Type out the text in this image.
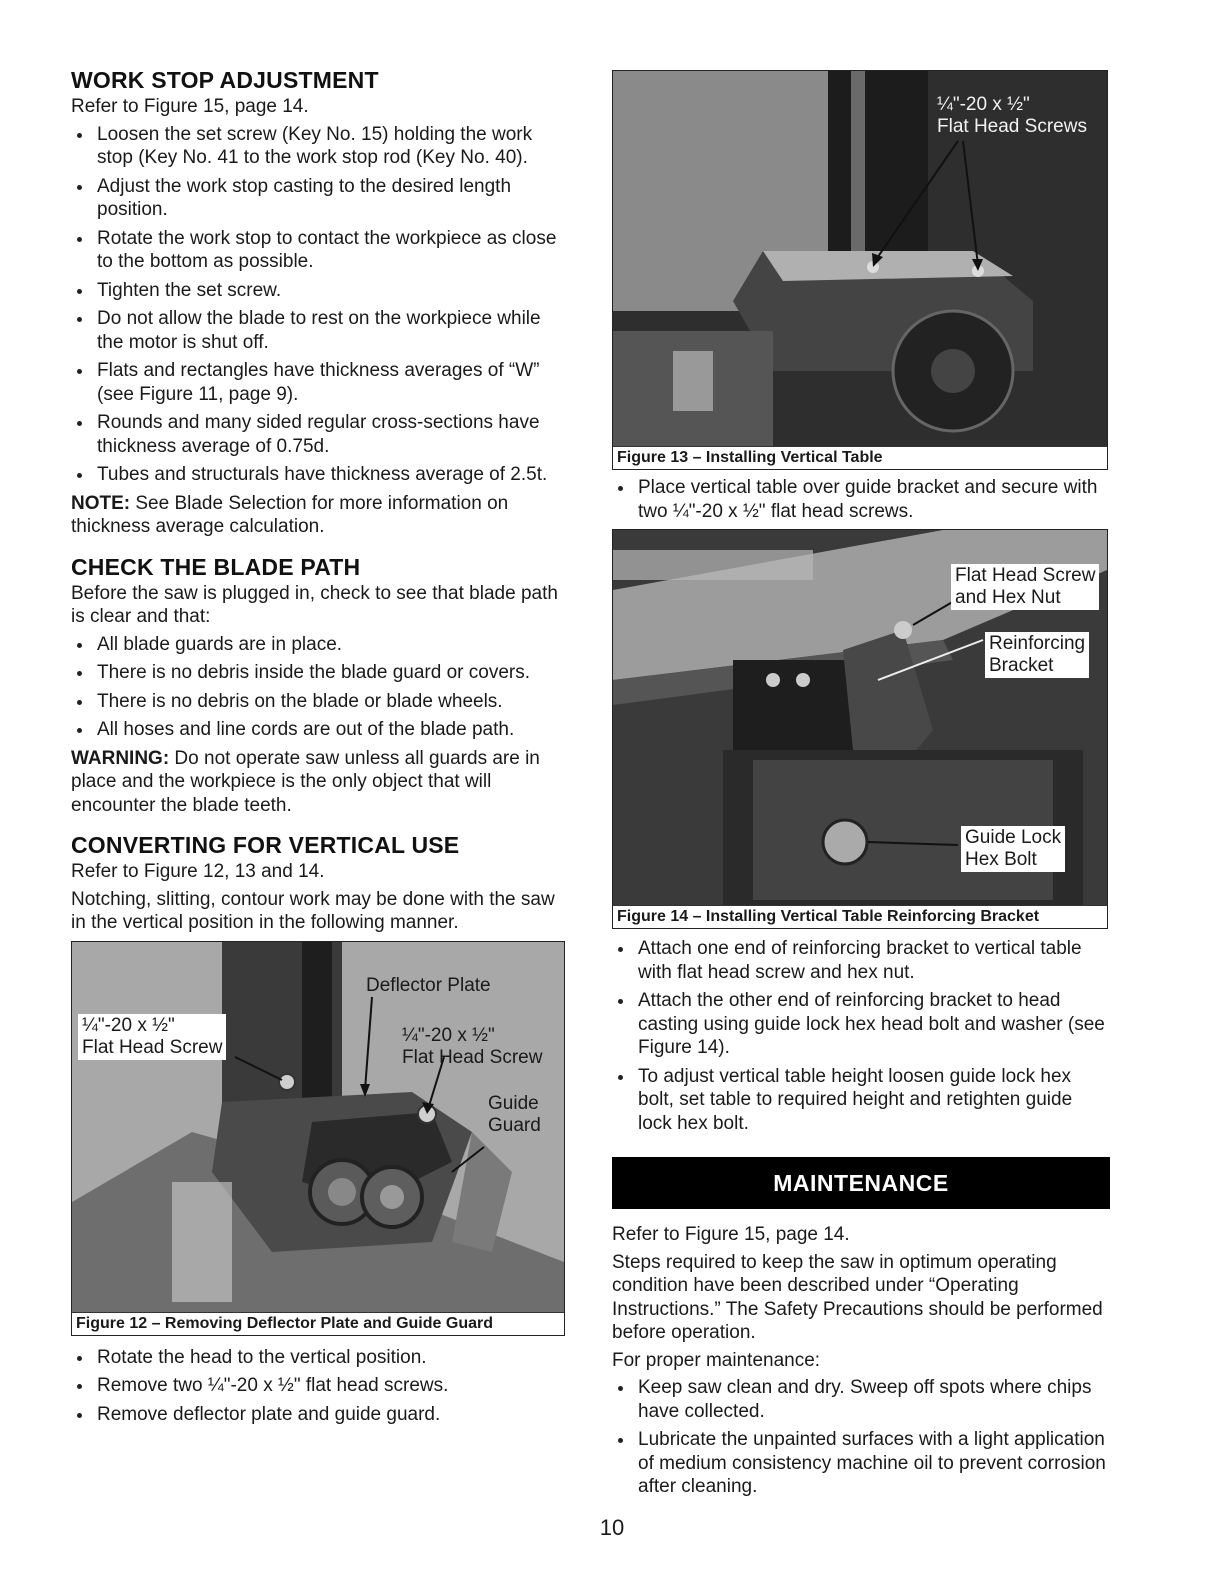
WORK STOP ADJUSTMENT

Refer to Figure 15, page 14.

Loosen the set screw (Key No. 15) holding the work stop (Key No. 41 to the work stop rod (Key No. 40).
Adjust the work stop casting to the desired length position.
Rotate the work stop to contact the workpiece as close to the bottom as possible.
Tighten the set screw.
Do not allow the blade to rest on the workpiece while the motor is shut off.
Flats and rectangles have thickness averages of “W” (see Figure 11, page 9).
Rounds and many sided regular cross-sections have thickness average of 0.75d.
Tubes and structurals have thickness average of 2.5t.

NOTE: See Blade Selection for more information on thickness average calculation.

CHECK THE BLADE PATH

Before the saw is plugged in, check to see that blade path is clear and that:

All blade guards are in place.
There is no debris inside the blade guard or covers.
There is no debris on the blade or blade wheels.
All hoses and line cords are out of the blade path.

WARNING: Do not operate saw unless all guards are in place and the workpiece is the only object that will encounter the blade teeth.

CONVERTING FOR VERTICAL USE

Refer to Figure 12, 13 and 14.

Notching, slitting, contour work may be done with the saw in the vertical position in the following manner.

¼"-20 x ½"
Flat Head Screw
Deflector Plate
¼"-20 x ½"
Flat Head Screw
Guide
Guard
Figure 12 – Removing Deflector Plate and Guide Guard
Rotate the head to the vertical position.
Remove two ¼"-20 x ½" flat head screws.
Remove deflector plate and guide guard.
¼"-20 x ½"
Flat Head Screws
Figure 13 – Installing Vertical Table
Place vertical table over guide bracket and secure with two ¼"-20 x ½" flat head screws.
Flat Head Screw
and Hex Nut
Reinforcing
Bracket
Guide Lock
Hex Bolt
Figure 14 – Installing Vertical Table Reinforcing Bracket
Attach one end of reinforcing bracket to vertical table with flat head screw and hex nut.
Attach the other end of reinforcing bracket to head casting using guide lock hex head bolt and washer (see Figure 14).
To adjust vertical table height loosen guide lock hex bolt, set table to required height and retighten guide lock hex bolt.
MAINTENANCE

Refer to Figure 15, page 14.

Steps required to keep the saw in optimum operating condition have been described under “Operating Instructions.” The Safety Precautions should be performed before operation.

For proper maintenance:

Keep saw clean and dry. Sweep off spots where chips have collected.
Lubricate the unpainted surfaces with a light application of medium consistency machine oil to prevent corrosion after cleaning.
10
